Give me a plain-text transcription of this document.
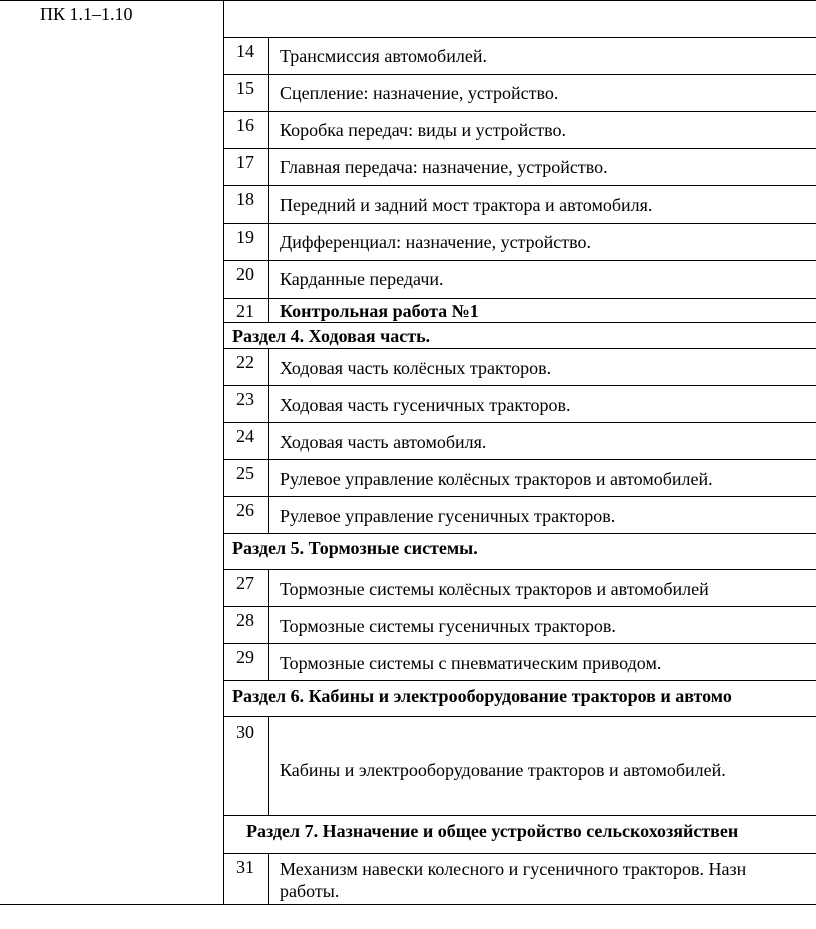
ПК 1.1–1.10
14 Трансмиссия автомобилей.
15 Сцепление: назначение, устройство.
16 Коробка передач: виды и устройство.
17 Главная передача: назначение, устройство.
18 Передний и задний мост трактора и автомобиля.
19 Дифференциал: назначение, устройство.
20 Карданные передачи.
21 Контрольная работа №1
Раздел 4. Ходовая часть.
22 Ходовая часть колёсных тракторов.
23 Ходовая часть гусеничных тракторов.
24 Ходовая часть автомобиля.
25 Рулевое управление колёсных тракторов и автомобилей.
26 Рулевое управление гусеничных тракторов.
Раздел 5. Тормозные системы.
27 Тормозные системы колёсных тракторов и автомобилей
28 Тормозные системы гусеничных тракторов.
29 Тормозные системы с пневматическим приводом.
Раздел 6. Кабины и электрооборудование тракторов и автомо
30
Кабины и электрооборудование тракторов и автомобилей.
Раздел 7. Назначение и общее устройство сельскохозяйствен
31 Механизм навески колесного и гусеничного тракторов. Назн
работы.
